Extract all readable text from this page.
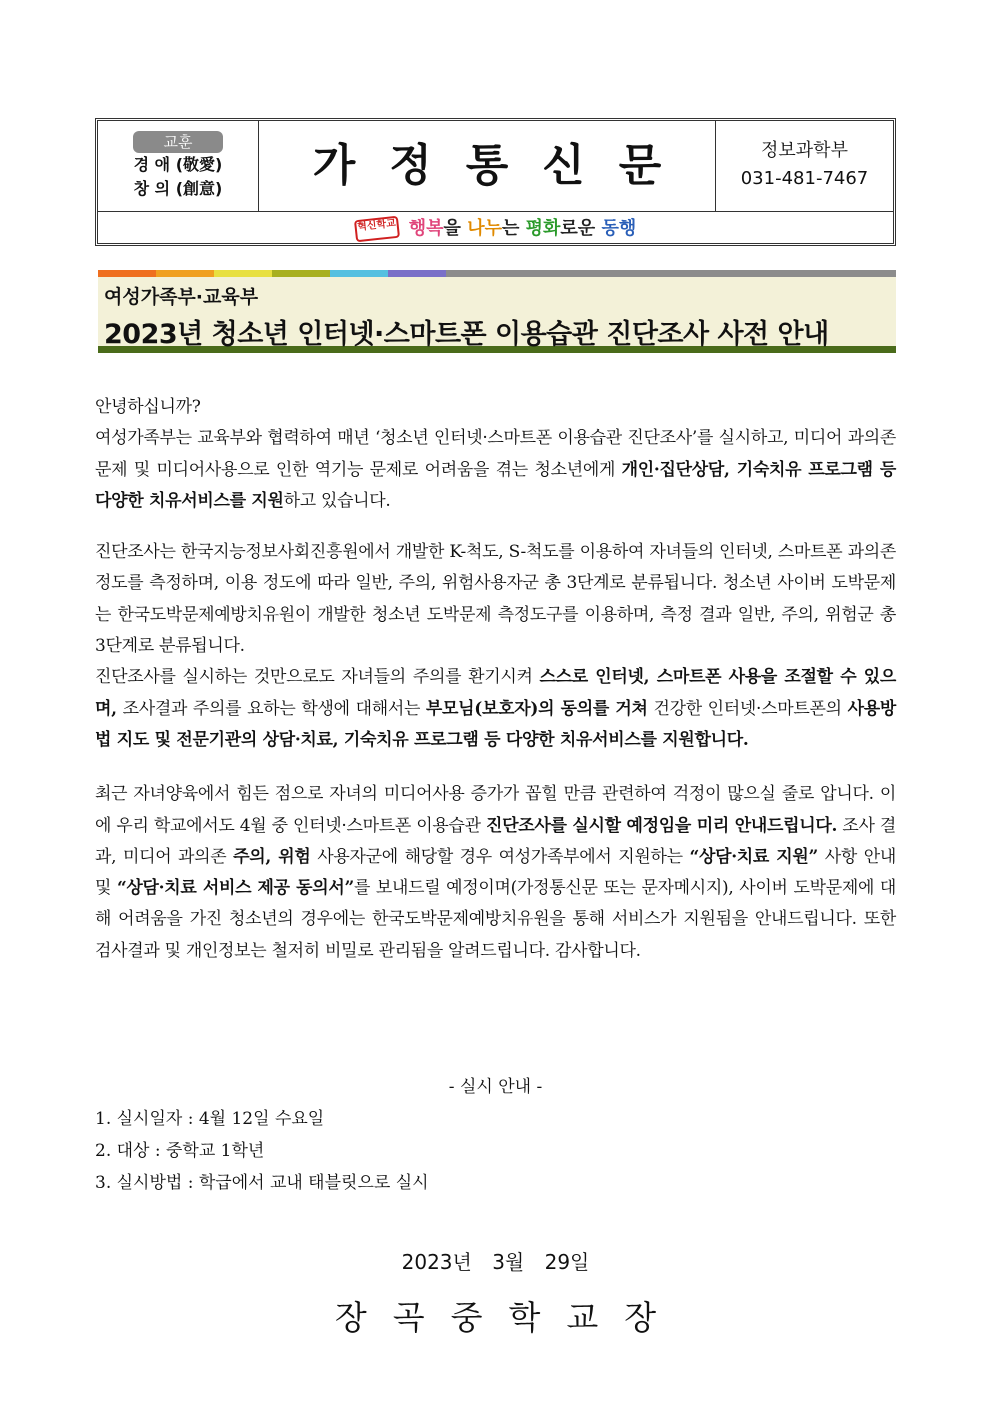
교훈
경 애 (敬愛)
창 의 (創意)	가정통신문	정보과학부
031-481-7467
혁신학교 행복을 나누는 평화로운 동행
여성가족부·교육부
2023년 청소년 인터넷·스마트폰 이용습관 진단조사 사전 안내

안녕하십니까?

여성가족부는 교육부와 협력하여 매년 ‘청소년 인터넷·스마트폰 이용습관 진단조사’를 실시하고, 미디어 과의존 문제 및 미디어사용으로 인한 역기능 문제로 어려움을 겪는 청소년에게 개인·집단상담, 기숙치유 프로그램 등 다양한 치유서비스를 지원하고 있습니다.

진단조사는 한국지능정보사회진흥원에서 개발한 K-척도, S-척도를 이용하여 자녀들의 인터넷, 스마트폰 과의존 정도를 측정하며, 이용 정도에 따라 일반, 주의, 위험사용자군 총 3단계로 분류됩니다. 청소년 사이버 도박문제는 한국도박문제예방치유원이 개발한 청소년 도박문제 측정도구를 이용하며, 측정 결과 일반, 주의, 위험군 총 3단계로 분류됩니다.

진단조사를 실시하는 것만으로도 자녀들의 주의를 환기시켜 스스로 인터넷, 스마트폰 사용을 조절할 수 있으며, 조사결과 주의를 요하는 학생에 대해서는 부모님(보호자)의 동의를 거쳐 건강한 인터넷·스마트폰의 사용방법 지도 및 전문기관의 상담·치료, 기숙치유 프로그램 등 다양한 치유서비스를 지원합니다.

최근 자녀양육에서 힘든 점으로 자녀의 미디어사용 증가가 꼽힐 만큼 관련하여 걱정이 많으실 줄로 압니다. 이에 우리 학교에서도 4월 중 인터넷·스마트폰 이용습관 진단조사를 실시할 예정임을 미리 안내드립니다. 조사 결과, 미디어 과의존 주의, 위험 사용자군에 해당할 경우 여성가족부에서 지원하는 “상담·치료 지원” 사항 안내 및 “상담·치료 서비스 제공 동의서”를 보내드릴 예정이며(가정통신문 또는 문자메시지), 사이버 도박문제에 대해 어려움을 가진 청소년의 경우에는 한국도박문제예방치유원을 통해 서비스가 지원됨을 안내드립니다. 또한 검사결과 및 개인정보는 철저히 비밀로 관리됨을 알려드립니다. 감사합니다.

- 실시 안내 -
1. 실시일자 : 4월 12일 수요일
2. 대상 : 중학교 1학년
3. 실시방법 : 학급에서 교내 태블릿으로 실시
2023년 3월 29일
장곡중학교장
